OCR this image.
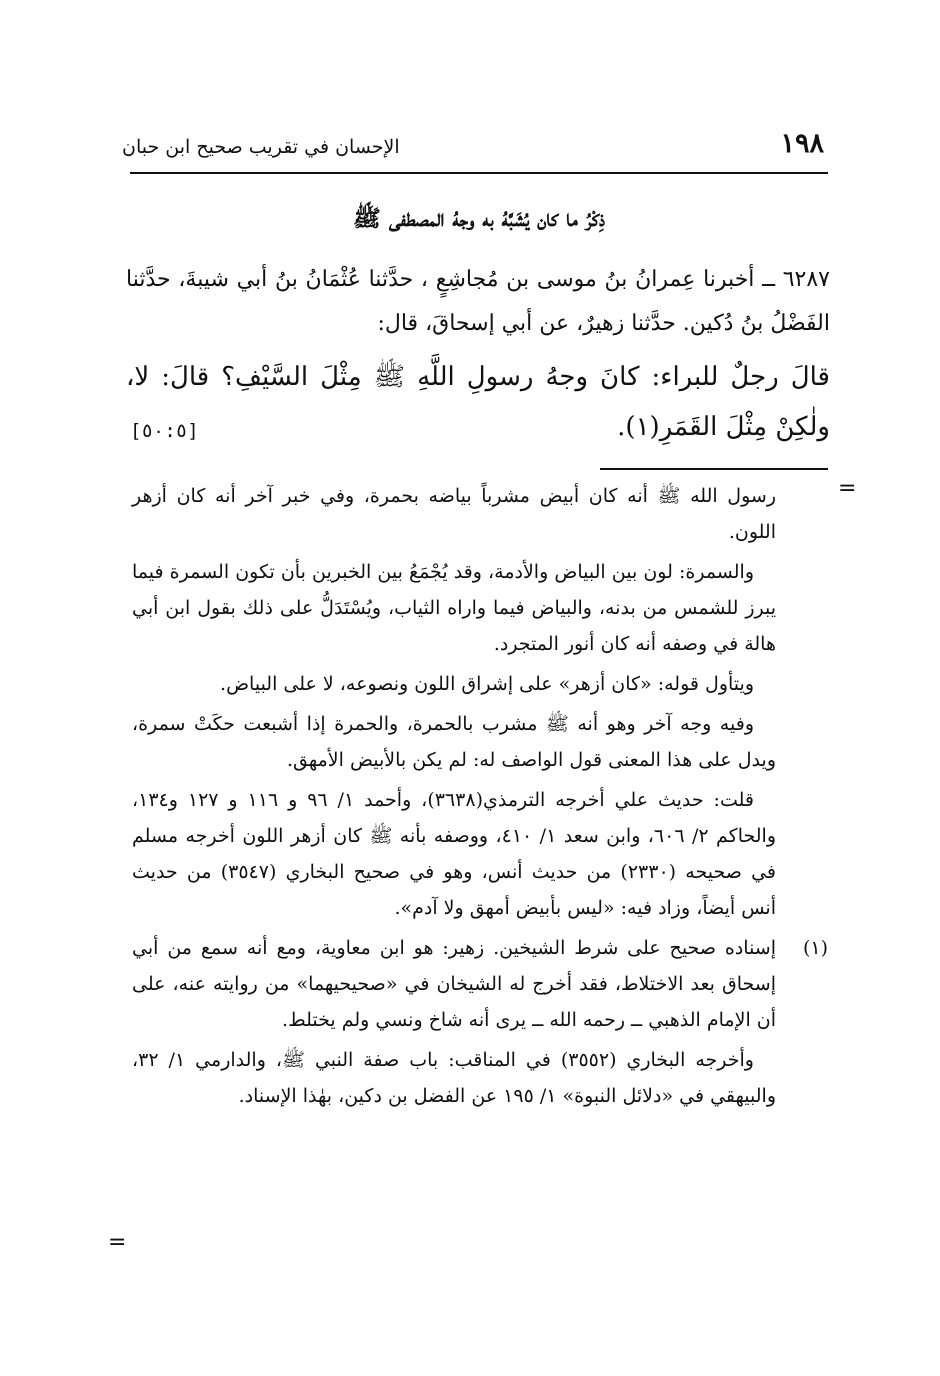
١٩٨
الإحسان في تقريب صحيح ابن حبان
ذِكْرُ ما كان يُشَبَّهُ به وجهُ المصطفى ﷺ

٦٢٨٧ ــ أخبرنا عِمرانُ بنُ موسى بن مُجاشِعٍ ، حدَّثنا عُثْمَانُ بنُ أبي شيبةَ، حدَّثنا الفَضْلُ بنُ دُكين. حدَّثنا زهيرٌ، عن أبي إسحاقَ، قال:

قالَ رجلٌ للبراء: كانَ وجهُ رسولِ اللَّهِ ﷺ مِثْلَ السَّيْفِ؟ قالَ: لا، ولٰكِنْ مِثْلَ القَمَرِ(١).

[٥٠:٥]
=

رسول الله ﷺ أنه كان أبيض مشرباً بياضه بحمرة، وفي خبر آخر أنه كان أزهر اللون.

والسمرة: لون بين البياض والأدمة، وقد يُجْمَعُ بين الخبرين بأن تكون السمرة فيما يبرز للشمس من بدنه، والبياض فيما واراه الثياب، ويُسْتَدَلُّ على ذلك بقول ابن أبي هالة في وصفه أنه كان أنور المتجرد.

ويتأول قوله: «كان أزهر» على إشراق اللون ونصوعه، لا على البياض.

وفيه وجه آخر وهو أنه ﷺ مشرب بالحمرة، والحمرة إذا أشبعت حكَتْ سمرة، ويدل على هذا المعنى قول الواصف له: لم يكن بالأبيض الأمهق.

قلت: حديث علي أخرجه الترمذي(٣٦٣٨)، وأحمد ١/ ٩٦ و ١١٦ و ١٢٧ و١٣٤، والحاكم ٢/ ٦٠٦، وابن سعد ١/ ٤١٠، ووصفه بأنه ﷺ كان أزهر اللون أخرجه مسلم في صحيحه (٢٣٣٠) من حديث أنس، وهو في صحيح البخاري (٣٥٤٧) من حديث أنس أيضاً، وزاد فيه: «ليس بأبيض أمهق ولا آدم».

(١)

إسناده صحيح على شرط الشيخين. زهير: هو ابن معاوية، ومع أنه سمع من أبي إسحاق بعد الاختلاط، فقد أخرج له الشيخان في «صحيحيهما» من روايته عنه، على أن الإمام الذهبي ــ رحمه الله ــ يرى أنه شاخ ونسي ولم يختلط.

وأخرجه البخاري (٣٥٥٢) في المناقب: باب صفة النبي ﷺ، والدارمي ١/ ٣٢، والبيهقي في «دلائل النبوة» ١/ ١٩٥ عن الفضل بن دكين، بهٰذا الإسناد.

=
